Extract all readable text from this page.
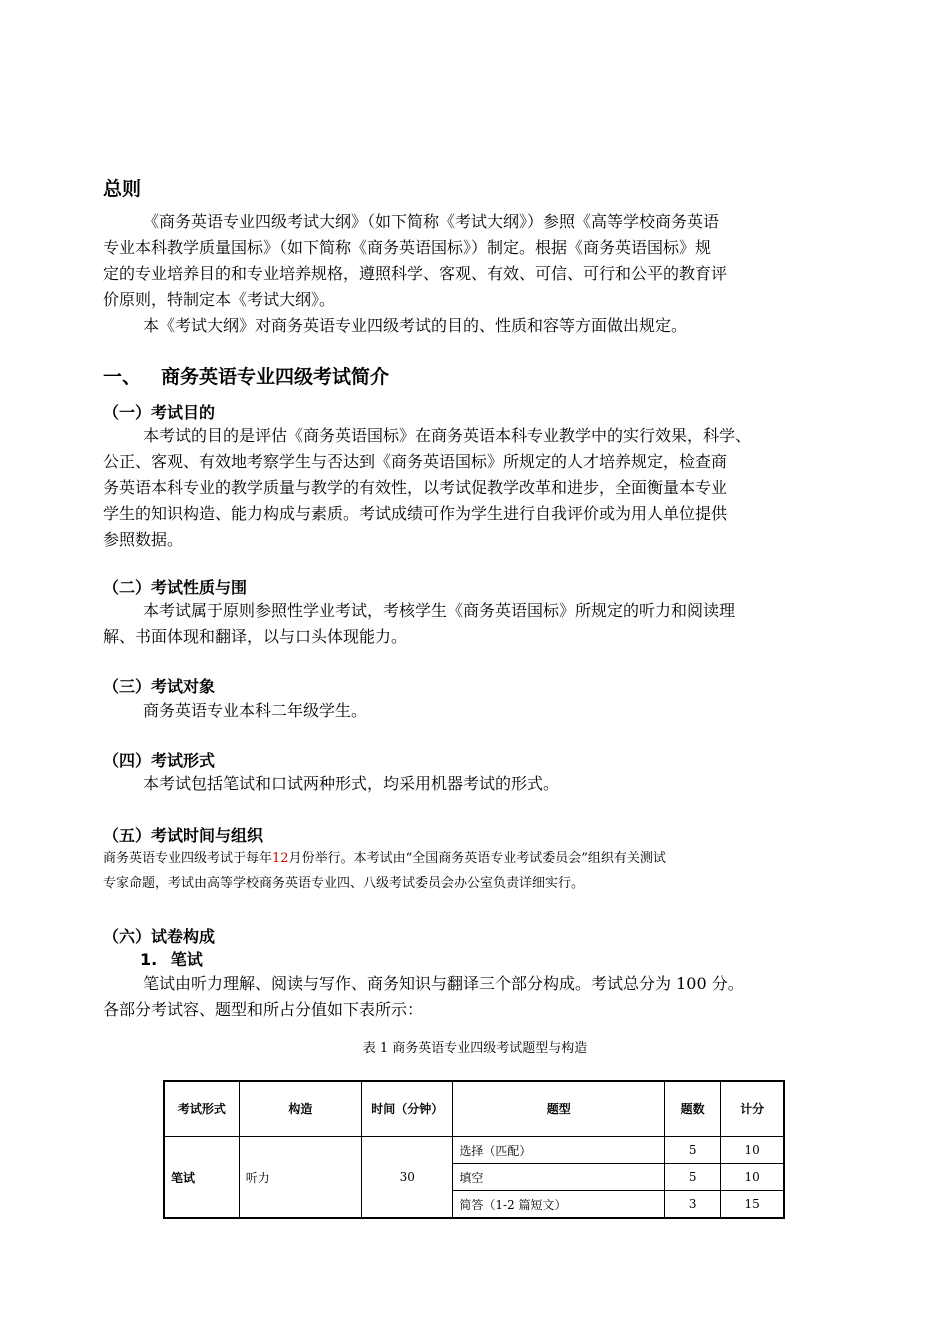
总则
《商务英语专业四级考试大纲》（如下简称《考试大纲》）参照《高等学校商务英语
专业本科教学质量国标》（如下简称《商务英语国标》）制定。根据《商务英语国标》规
定的专业培养目的和专业培养规格，遵照科学、客观、有效、可信、可行和公平的教育评
价原则，特制定本《考试大纲》。
本《考试大纲》对商务英语专业四级考试的目的、性质和容等方面做出规定。
一、 商务英语专业四级考试简介
（一）考试目的
本考试的目的是评估《商务英语国标》在商务英语本科专业教学中的实行效果，科学、
公正、客观、有效地考察学生与否达到《商务英语国标》所规定的人才培养规定，检查商
务英语本科专业的教学质量与教学的有效性，以考试促教学改革和进步，全面衡量本专业
学生的知识构造、能力构成与素质。考试成绩可作为学生进行自我评价或为用人单位提供
参照数据。
（二）考试性质与围
本考试属于原则参照性学业考试，考核学生《商务英语国标》所规定的听力和阅读理
解、书面体现和翻译，以与口头体现能力。
（三）考试对象
商务英语专业本科二年级学生。
（四）考试形式
本考试包括笔试和口试两种形式，均采用机器考试的形式。
（五）考试时间与组织
商务英语专业四级考试于每年12月份举行。本考试由“全国商务英语专业考试委员会”组织有关测试
专家命题，考试由高等学校商务英语专业四、八级考试委员会办公室负责详细实行。
（六）试卷构成
1. 笔试
笔试由听力理解、阅读与写作、商务知识与翻译三个部分构成。考试总分为 100 分。
各部分考试容、题型和所占分值如下表所示：
表 1 商务英语专业四级考试题型与构造
考试形式	构造	时间（分钟）	题型	题数	计分
笔试	听力	30	选择（匹配）	5	10
			填空	5	10
			简答（1-2 篇短文）	3	15
